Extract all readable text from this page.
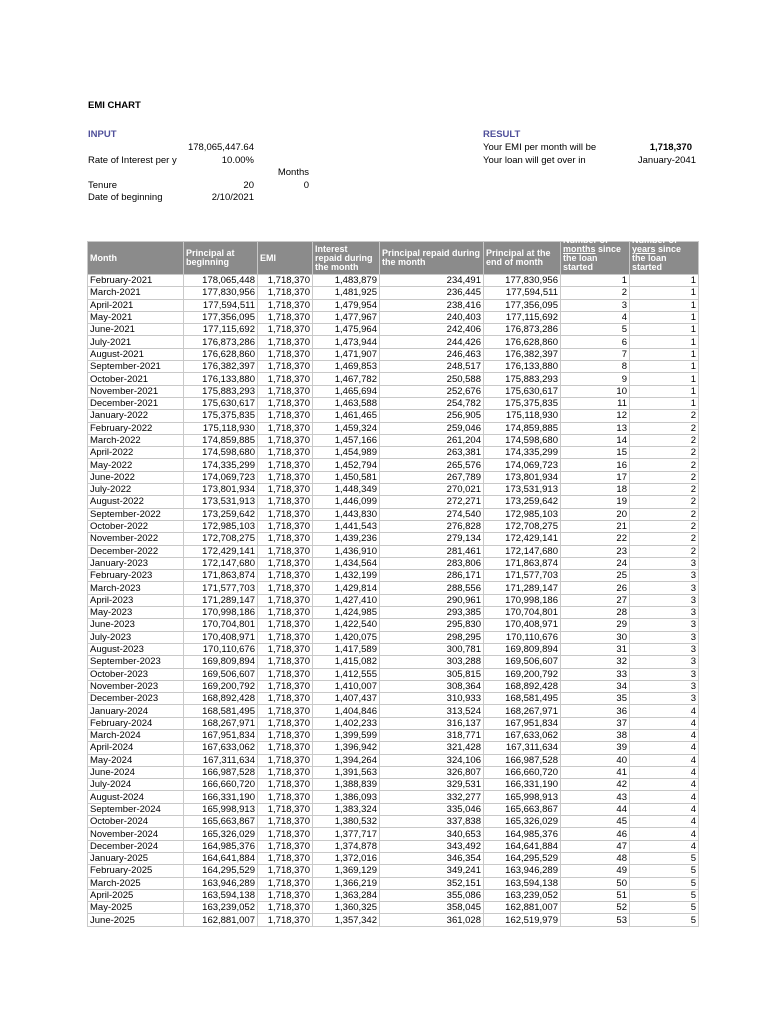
EMI CHART
INPUT
178,065,447.64
Rate of Interest per y	10.00%
Months
Tenure	20	0
Date of beginning	2/10/2021
RESULT
Your EMI per month will be	1,718,370
Your loan will get over in	January-2041
Month	Principal at beginning	EMI	Interest repaid during the month	Principal repaid during the month	Principal at the end of month	Number of months since the loan started	Number of years since the loan started

February-2021	178,065,448	1,718,370	1,483,879	234,491	177,830,956	1	1
March-2021	177,830,956	1,718,370	1,481,925	236,445	177,594,511	2	1
April-2021	177,594,511	1,718,370	1,479,954	238,416	177,356,095	3	1
May-2021	177,356,095	1,718,370	1,477,967	240,403	177,115,692	4	1
June-2021	177,115,692	1,718,370	1,475,964	242,406	176,873,286	5	1
July-2021	176,873,286	1,718,370	1,473,944	244,426	176,628,860	6	1
August-2021	176,628,860	1,718,370	1,471,907	246,463	176,382,397	7	1
September-2021	176,382,397	1,718,370	1,469,853	248,517	176,133,880	8	1
October-2021	176,133,880	1,718,370	1,467,782	250,588	175,883,293	9	1
November-2021	175,883,293	1,718,370	1,465,694	252,676	175,630,617	10	1
December-2021	175,630,617	1,718,370	1,463,588	254,782	175,375,835	11	1
January-2022	175,375,835	1,718,370	1,461,465	256,905	175,118,930	12	2
February-2022	175,118,930	1,718,370	1,459,324	259,046	174,859,885	13	2
March-2022	174,859,885	1,718,370	1,457,166	261,204	174,598,680	14	2
April-2022	174,598,680	1,718,370	1,454,989	263,381	174,335,299	15	2
May-2022	174,335,299	1,718,370	1,452,794	265,576	174,069,723	16	2
June-2022	174,069,723	1,718,370	1,450,581	267,789	173,801,934	17	2
July-2022	173,801,934	1,718,370	1,448,349	270,021	173,531,913	18	2
August-2022	173,531,913	1,718,370	1,446,099	272,271	173,259,642	19	2
September-2022	173,259,642	1,718,370	1,443,830	274,540	172,985,103	20	2
October-2022	172,985,103	1,718,370	1,441,543	276,828	172,708,275	21	2
November-2022	172,708,275	1,718,370	1,439,236	279,134	172,429,141	22	2
December-2022	172,429,141	1,718,370	1,436,910	281,461	172,147,680	23	2
January-2023	172,147,680	1,718,370	1,434,564	283,806	171,863,874	24	3
February-2023	171,863,874	1,718,370	1,432,199	286,171	171,577,703	25	3
March-2023	171,577,703	1,718,370	1,429,814	288,556	171,289,147	26	3
April-2023	171,289,147	1,718,370	1,427,410	290,961	170,998,186	27	3
May-2023	170,998,186	1,718,370	1,424,985	293,385	170,704,801	28	3
June-2023	170,704,801	1,718,370	1,422,540	295,830	170,408,971	29	3
July-2023	170,408,971	1,718,370	1,420,075	298,295	170,110,676	30	3
August-2023	170,110,676	1,718,370	1,417,589	300,781	169,809,894	31	3
September-2023	169,809,894	1,718,370	1,415,082	303,288	169,506,607	32	3
October-2023	169,506,607	1,718,370	1,412,555	305,815	169,200,792	33	3
November-2023	169,200,792	1,718,370	1,410,007	308,364	168,892,428	34	3
December-2023	168,892,428	1,718,370	1,407,437	310,933	168,581,495	35	3
January-2024	168,581,495	1,718,370	1,404,846	313,524	168,267,971	36	4
February-2024	168,267,971	1,718,370	1,402,233	316,137	167,951,834	37	4
March-2024	167,951,834	1,718,370	1,399,599	318,771	167,633,062	38	4
April-2024	167,633,062	1,718,370	1,396,942	321,428	167,311,634	39	4
May-2024	167,311,634	1,718,370	1,394,264	324,106	166,987,528	40	4
June-2024	166,987,528	1,718,370	1,391,563	326,807	166,660,720	41	4
July-2024	166,660,720	1,718,370	1,388,839	329,531	166,331,190	42	4
August-2024	166,331,190	1,718,370	1,386,093	332,277	165,998,913	43	4
September-2024	165,998,913	1,718,370	1,383,324	335,046	165,663,867	44	4
October-2024	165,663,867	1,718,370	1,380,532	337,838	165,326,029	45	4
November-2024	165,326,029	1,718,370	1,377,717	340,653	164,985,376	46	4
December-2024	164,985,376	1,718,370	1,374,878	343,492	164,641,884	47	4
January-2025	164,641,884	1,718,370	1,372,016	346,354	164,295,529	48	5
February-2025	164,295,529	1,718,370	1,369,129	349,241	163,946,289	49	5
March-2025	163,946,289	1,718,370	1,366,219	352,151	163,594,138	50	5
April-2025	163,594,138	1,718,370	1,363,284	355,086	163,239,052	51	5
May-2025	163,239,052	1,718,370	1,360,325	358,045	162,881,007	52	5
June-2025	162,881,007	1,718,370	1,357,342	361,028	162,519,979	53	5
